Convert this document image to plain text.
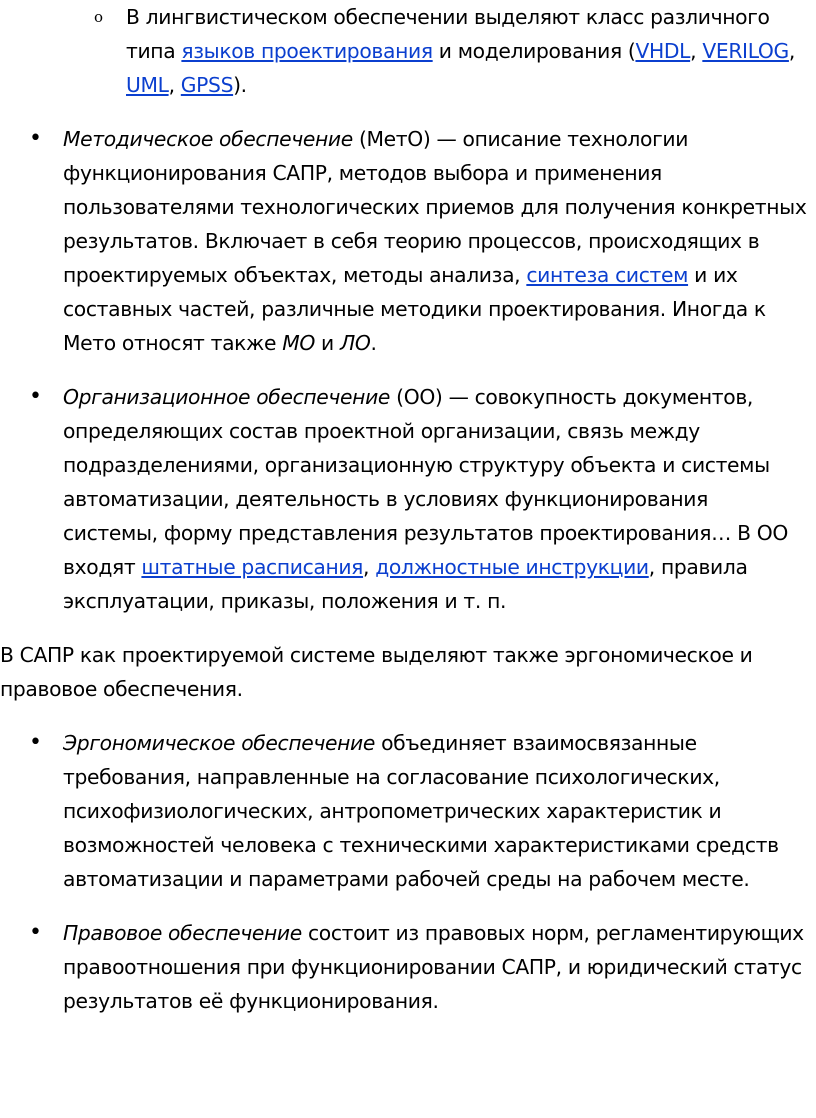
o В лингвистическом обеспечении выделяют класс различного типа языков проектирования и моделирования (VHDL, VERILOG, UML, GPSS).
• Методическое обеспечение (МетО) — описание технологии функционирования САПР, методов выбора и применения пользователями технологических приемов для получения конкретных результатов. Включает в себя теорию процессов, происходящих в проектируемых объектах, методы анализа, синтеза систем и их составных частей, различные методики проектирования. Иногда к Мето относят также МО и ЛО.
• Организационное обеспечение (ОО) — совокупность документов, определяющих состав проектной организации, связь между подразделениями, организационную структуру объекта и системы автоматизации, деятельность в условиях функционирования системы, форму представления результатов проектирования… В ОО входят штатные расписания, должностные инструкции, правила эксплуатации, приказы, положения и т. п.
В САПР как проектируемой системе выделяют также эргономическое и правовое обеспечения.
• Эргономическое обеспечение объединяет взаимосвязанные требования, направленные на согласование психологических, психофизиологических, антропометрических характеристик и возможностей человека с техническими характеристиками средств автоматизации и параметрами рабочей среды на рабочем месте.
• Правовое обеспечение состоит из правовых норм, регламентирующих правоотношения при функционировании САПР, и юридический статус результатов её функционирования.
